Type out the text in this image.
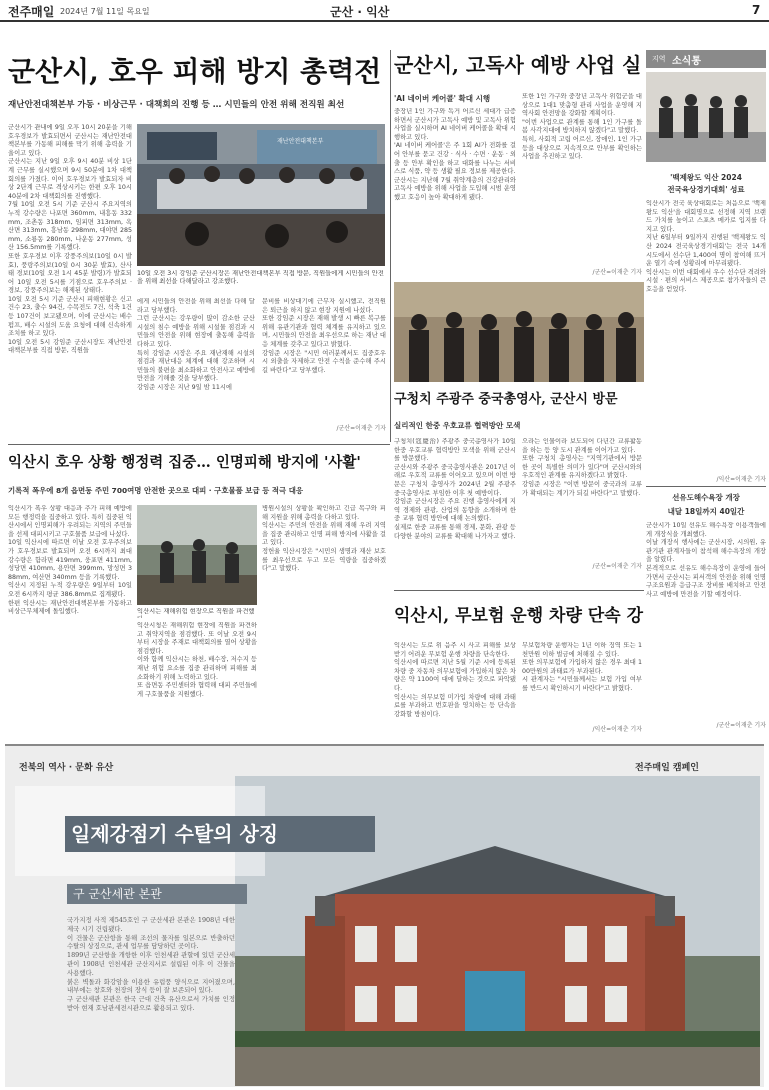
전주매일 2024년 7월 11일 목요일	군산 · 익산	7
군산시, 호우 피해 방지 총력전
재난안전대책본부 가동 · 비상근무 · 대책회의 진행 등 … 시민들의 안전 위해 전직원 최선
군산시가 관내에 9일 오후 10시 20분을 기해 호우경보가 발효되면서 군산시는 재난안전대책본부를 가동해 피해를 막기 위해 총력을 기울이고 있다.
군산시는 지난 9일 오후 9시 40분 비상 1단계 근무를 실시했으며 9시 50분에 1차 대책회의를 가졌다. 이어 호우경보가 발효되자 비상 2단계 근무로 격상시키는 한편 오후 10시 40분에 2차 대책회의를 진행했다.
7월 10일 오전 5시 기준 군산시 주요지역의 누적 강수량은 나포면 360mm, 내흥동 332mm, 조촌동 318mm, 임피면 313mm, 옥산면 313mm, 흥남동 298mm, 대야면 285mm, 소룡동 280mm, 나운동 277mm, 성산 156.5mm를 기록했다.
또한 호우경보 이후 강풍주의보(10일 0시 발효), 풍랑주의보(10일 0시 30분 발효), 산사태 경보(10일 오전 1시 45분 발령)가 발효되어 10일 오전 5시를 기점으로 호우주의보 · 경보, 강풍주의보는 해제된 상태다.
10일 오전 5시 기준 군산시 피해현황은 신고건수 23, 출수 94건, 수목전도 7건, 석축 1건 등 107건이 보고됐으며, 이에 군산시는 배수펌프, 배수 시설의 도움 요청에 대해 신속하게 조치를 하고 있다.
10일 오전 5시 강임준 군산시장도 재난안전대책본부를 직접 방문, 직원들
재난안전대책본부
10일 오전 3시 강임준 군산시장은 재난안전대책본부 직접 방문, 직원들에게 시민들의 안전을 위해 최선을 다해달라고 강조했다.
에게 시민들의 안전을 위해 최선을 다해 달라고 당부했다.
그런 군산시는 강우량이 많이 감소한 군산시설의 침수 예방을 위해 시설물 점검과 시민들의 안전을 위해 현장에 출동해 총력을 다하고 있다.
특히 강임준 시장은 주요 재난재해 시설의 점검과 재난대응 체계에 대해 강조하며 시민들의 불편을 최소화하고 안전사고 예방에 만전을 기해줄 것을 당부했다.
강임준 시장은 지난 9일 밤 11시에
문비를 비상대기에 근무자 실시했고, 전직원은 퇴근을 하지 않고 현장 지원에 나섰다.
또한 강임준 시장은 재해 발생 시 빠른 복구를 위해 유관기관과 협력 체계를 유지하고 있으며, 시민들의 안전을 최우선으로 하는 재난 대응 체계를 갖추고 있다고 밝혔다.
강임준 시장은 "시민 여러분께서도 집중호우 시 외출을 자제하고 안전 수칙을 준수해 주시길 바란다"고 당부했다.
/군산=이재춘 기자
군산시, 고독사 예방 사업 실
'AI 네이버 케어콜' 확대 시행
중장년 1인 가구와 독거 어르신 세대가 급증하면서 군산시가 고독사 예방 및 고독사 위험 사업을 실시하며 AI 네이버 케어콜을 확대 시행하고 있다.
'AI 네이버 케어콜'은 주 1회 AI가 전화를 걸어 안부를 묻고 건강 · 식사 · 수면 · 운동 · 외출 등 안부 확인을 하고 대화를 나누는 서비스로 식품, 약 등 생활 필요 정보를 제공한다.
군산시는 지난해 7월 취약계층의 건강관리와 고독사 예방을 위해 사업을 도입해 시범 운영했고 호응이 높아 확대하게 됐다.
또한 1인 가구와 중장년 고독사 위험군을 대상으로 1대1 맞춤형 관리 사업을 운영해 지역사회 안전망을 강화할 계획이다.
"이번 사업으로 관계를 통해 1인 가구를 돌봄 사각지대에 방치하지 않겠다"고 말했다.
특히, 사회적 고립 어르신, 장애인, 1인 가구 등을 대상으로 지속적으로 안부를 확인하는 사업을 추진하고 있다.
/군산=이재춘 기자
구청치 주광주 중국총영사, 군산시 방문
실리적인 한중 우호교류 협력방안 모색
구청치(寇慶治) 주광주 중국총영사가 10일 한중 우호교류 협력방안 모색을 위해 군산시를 방문했다.
군산시와 주광주 중국총영사관은 2017년 이래로 우호적 교류를 이어오고 있으며 이번 방문은 구청치 총영사가 2024년 2월 주광주 중국총영사로 부임한 이후 첫 예방이다.
강임준 군산시장은 주요 진행 총영사에게 지역 경제와 관광, 산업의 동향을 소개하며 한중 교류 협력 방안에 대해 논의했다.
실제로 한중 교류를 통해 경제, 문화, 관광 등 다양한 분야의 교류를 확대해 나가자고 했다.
으라는 인물이라 보도되어 다년간 교류활동을 하는 등 양 도시 관계를 이어가고 있다.
또한 구청치 총영사는 "지역기관에서 방문한 곳이 특별한 의미가 있다"며 군산시와의 우호적인 관계를 유지하겠다고 밝혔다.
강임준 시장은 "이번 방문이 중국과의 교류가 확대되는 계기가 되길 바란다"고 말했다.
/군산=이재춘 기자
익산시 호우 상황 행정력 집중… 인명피해 방지에 '사활'
기록적 폭우에 8개 읍면동 주민 700여명 안전한 곳으로 대피 · 구호물품 보급 등 적극 대응
익산시가 폭우 상황 대응과 추가 피해 예방에 모든 행정력을 집중하고 있다. 특히 집중된 익산시에서 인명피해가 우려되는 지역의 주민들을 선제 대피시키고 구호물품 보급에 나섰다.
10일 익산시에 따르면 이날 오전 호우주의보가 호우경보로 발효되며 오전 6시까지 최대 강수량은 함라면 419mm, 웅포면 411mm, 성당면 410mm, 용안면 399mm, 망성면 388mm, 여산면 340mm 등을 기록했다.
익산시 지정된 누적 강우량은 9일부터 10일 오전 6시까지 평균 386.8mm로 집계됐다.
한편 익산시는 재난안전대책본부를 가동하고 비상근무체제에 돌입했다.	익산시는 재해위험 현장으로 직원을 파견했
익산시청은 재해위험 현장에 직원을 파견하고 취약지역을 점검했다. 또 이날 오전 9시부터 시장을 주재로 대책회의를 열어 상황을 점검했다.
이와 함께 익산시는 하천, 배수장, 저수지 등 재난 위험 요소를 집중 관리하며 피해를 최소화하기 위해 노력하고 있다.
또 읍면동 주민센터와 협력해 대피 주민들에게 구호물품을 지원했다.
병원시설의 상황을 확인하고 긴급 복구와 피해 지원을 위해 총력을 다하고 있다.
익산시는 주민의 안전을 위해 재해 우려 지역을 집중 관리하고 인명 피해 방지에 사활을 걸고 있다.
정헌율 익산시장은 "시민의 생명과 재산 보호를 최우선으로 두고 모든 역량을 집중하겠다"고 말했다.
익산시, 무보험 운행 차량 단속 강
익산시는 도로 위 음주 시 사고 피해를 보상받기 어려운 무보험 운행 차량을 단속한다.
익산시에 따르면 지난 5월 기준 시에 등록된 차량 중 자동차 의무보험에 가입하지 않은 차량은 약 1100여 대에 달하는 것으로 파악됐다.
익산시는 의무보험 미가입 차량에 대해 과태료를 부과하고 번호판을 영치하는 등 단속을 강화할 방침이다.
무보험차량 운행자는 1년 이하 징역 또는 1천만원 이하 벌금에 처해질 수 있다.
또한 의무보험에 가입하지 않은 경우 최대 100만원의 과태료가 부과된다.
시 관계자는 "시민들께서는 보험 가입 여부를 반드시 확인하시기 바란다"고 밝혔다.
/익산=이재춘 기자
지역 소식통
'백제왕도 익산 2024
전국육상경기대회' 성료
익산시가 전국 육상대회로는 처음으로 '백제왕도 익산'을 대회명으로 선정해 지역 브랜드 가치를 높이고 스포츠 메카로 입지를 다지고 있다.
지난 6일부터 9일까지 진행된 '백제왕도 익산 2024 전국육상경기대회'는 전국 14개 시도에서 선수단 1,400여 명이 참여해 뜨거운 열기 속에 성황리에 마무리됐다.
익산시는 이번 대회에서 우수 선수단 격려와 시설 · 편의 서비스 제공으로 참가자들의 큰 호응을 얻었다.
/익산=이재춘 기자
선유도해수욕장 개장
내달 18일까지 40일간
군산시가 10일 선유도 해수욕장 이용객들에게 개장식을 개최했다.
이날 개장식 행사에는 군산시장, 시의원, 유관기관 관계자들이 참석해 해수욕장의 개장을 알렸다.
본격적으로 선유도 해수욕장이 운영에 들어가면서 군산시는 피서객의 안전을 위해 인명구조요원과 응급구조 장비를 배치하고 안전사고 예방에 만전을 기할 예정이다.
/군산=이재춘 기자
전북의 역사 · 문화 유산	전주매일 캠페인
일제강점기 수탈의 상징
구 군산세관 본관
국가지정 사적 제545호인 구 군산세관 본관은 1908년 대한제국 시기 건립됐다.
이 건물은 군산항을 통해 조선의 물자를 일본으로 반출하던 수탈의 상징으로, 관세 업무를 담당하던 곳이다.
1899년 군산항을 개항한 이후 인천세관 관할에 있던 군산세관이 1908년 인천세관 군산지서로 설립된 이후 이 건물을 사용했다.
붉은 벽돌과 화강암을 이용한 유럽풍 양식으로 지어졌으며, 내부에는 창호와 천장의 장식 등이 잘 보존되어 있다.
구 군산세관 본관은 한국 근대 건축 유산으로서 가치를 인정받아 현재 호남관세전시관으로 활용되고 있다.
